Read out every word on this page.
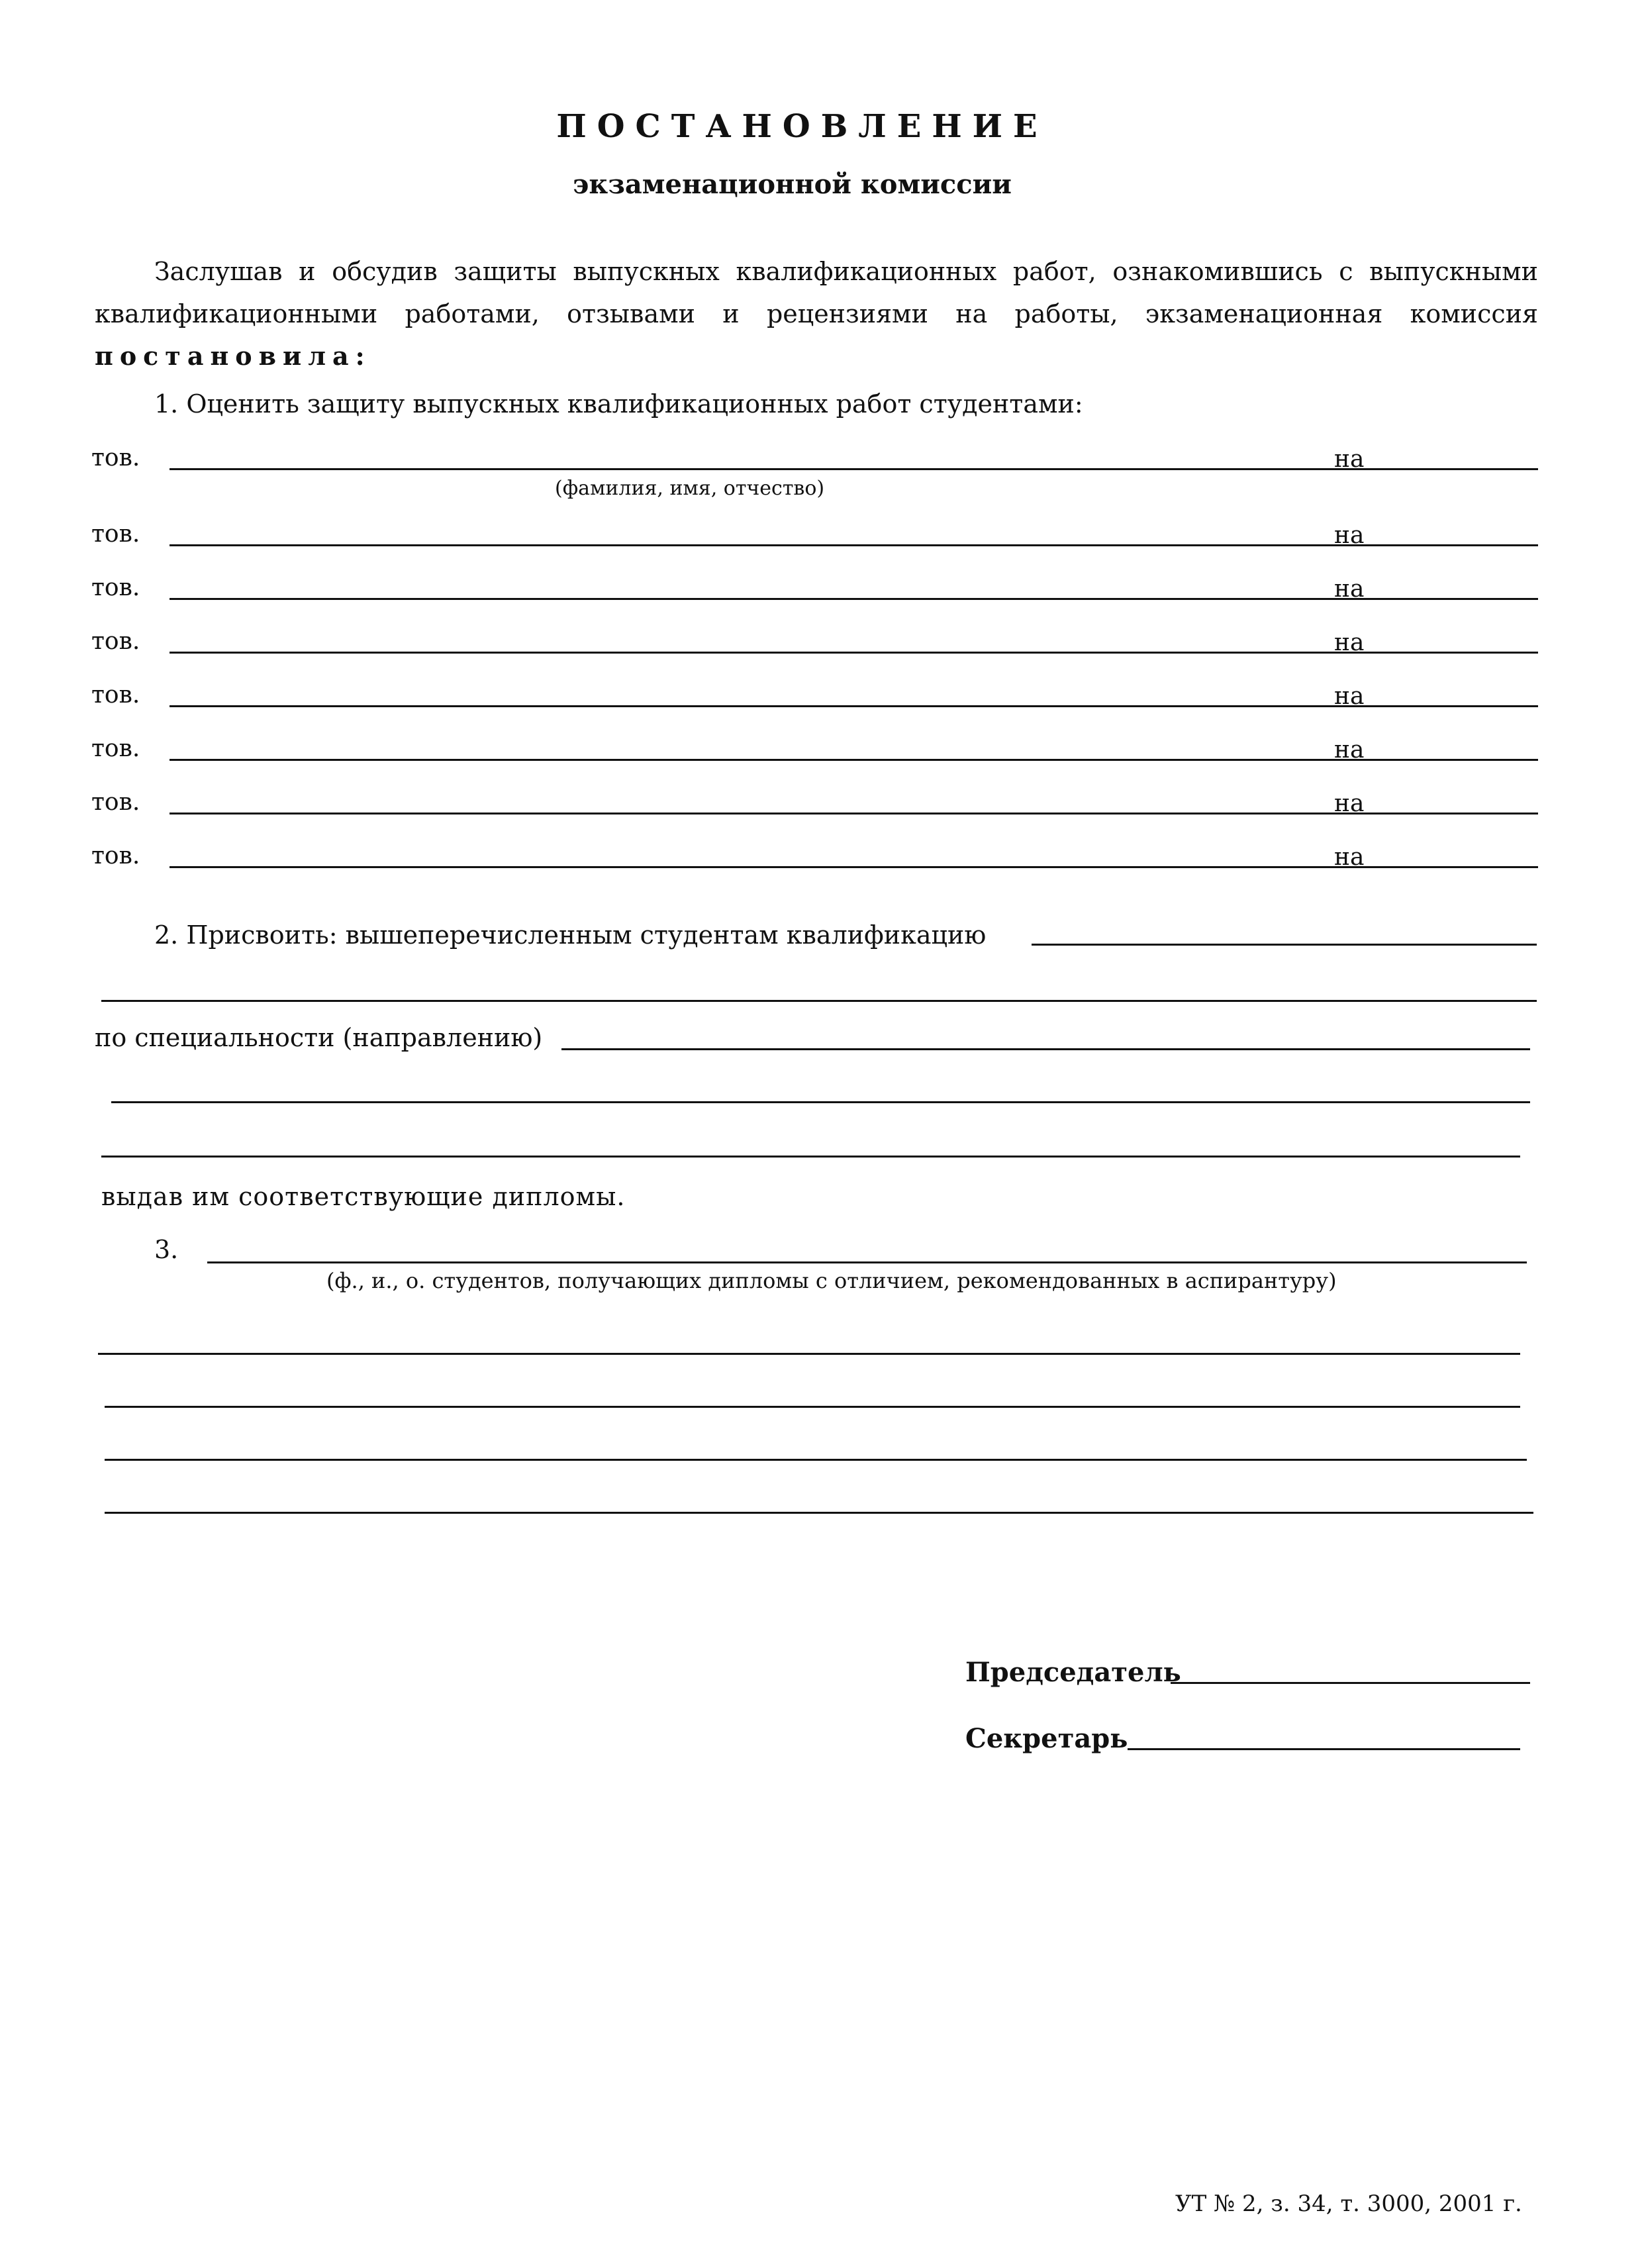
ПОСТАНОВЛЕНИЕ
экзаменационной комиссии
Заслушав и обсудив защиты выпускных квалификационных работ, ознакомившись с выпускными квалификационными работами, отзывами и рецензиями на работы, экзаменационная комиссия постановила:
1. Оценить защиту выпускных квалификационных работ студентами:
тов.	на
(фамилия, имя, отчество)
тов.	на
тов.	на
тов.	на
тов.	на
тов.	на
тов.	на
тов.	на
2. Присвоить: вышеперечисленным студентам квалификацию
по специальности (направлению)
выдав им соответствующие дипломы.
3.
(ф., и., о. студентов, получающих дипломы с отличием, рекомендованных в аспирантуру)
Председатель
Секретарь
УТ № 2, з. 34, т. 3000, 2001 г.
